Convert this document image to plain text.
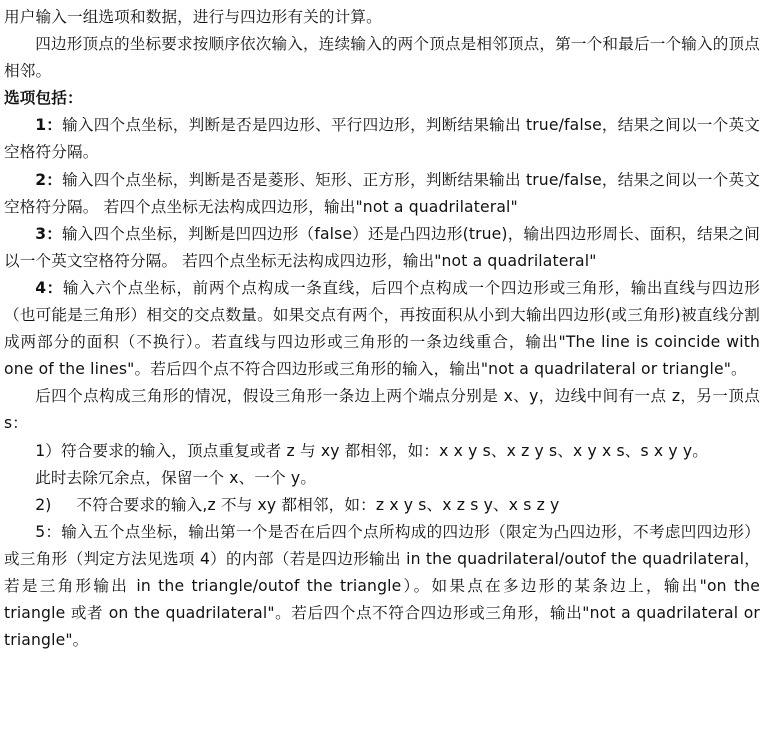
用户输入一组选项和数据，进行与四边形有关的计算。

四边形顶点的坐标要求按顺序依次输入，连续输入的两个顶点是相邻顶点，第一个和最后一个输入的顶点相邻。

选项包括：

1：输入四个点坐标，判断是否是四边形、平行四边形，判断结果输出 true/false，结果之间以一个英文空格符分隔。

2：输入四个点坐标，判断是否是菱形、矩形、正方形，判断结果输出 true/false，结果之间以一个英文空格符分隔。 若四个点坐标无法构成四边形，输出"not a quadrilateral"

3：输入四个点坐标，判断是凹四边形（false）还是凸四边形(true)，输出四边形周长、面积，结果之间以一个英文空格符分隔。 若四个点坐标无法构成四边形，输出"not a quadrilateral"

4：输入六个点坐标，前两个点构成一条直线，后四个点构成一个四边形或三角形，输出直线与四边形（也可能是三角形）相交的交点数量。如果交点有两个，再按面积从小到大输出四边形(或三角形)被直线分割成两部分的面积（不换行）。若直线与四边形或三角形的一条边线重合，输出"The line is coincide with one of the lines"。若后四个点不符合四边形或三角形的输入，输出"not a quadrilateral or triangle"。

后四个点构成三角形的情况，假设三角形一条边上两个端点分别是 x、y，边线中间有一点 z，另一顶点 s：

1）符合要求的输入，顶点重复或者 z 与 xy 都相邻，如：x x y s、x z y s、x y x s、s x y y。

此时去除冗余点，保留一个 x、一个 y。

2) 不符合要求的输入,z 不与 xy 都相邻，如：z x y s、x z s y、x s z y

5：输入五个点坐标，输出第一个是否在后四个点所构成的四边形（限定为凸四边形，不考虑凹四边形）或三角形（判定方法见选项 4）的内部（若是四边形输出 in the quadrilateral/outof the quadrilateral，若是三角形输出 in the triangle/outof the triangle）。如果点在多边形的某条边上，输出"on the triangle 或者 on the quadrilateral"。若后四个点不符合四边形或三角形，输出"not a quadrilateral or triangle"。
